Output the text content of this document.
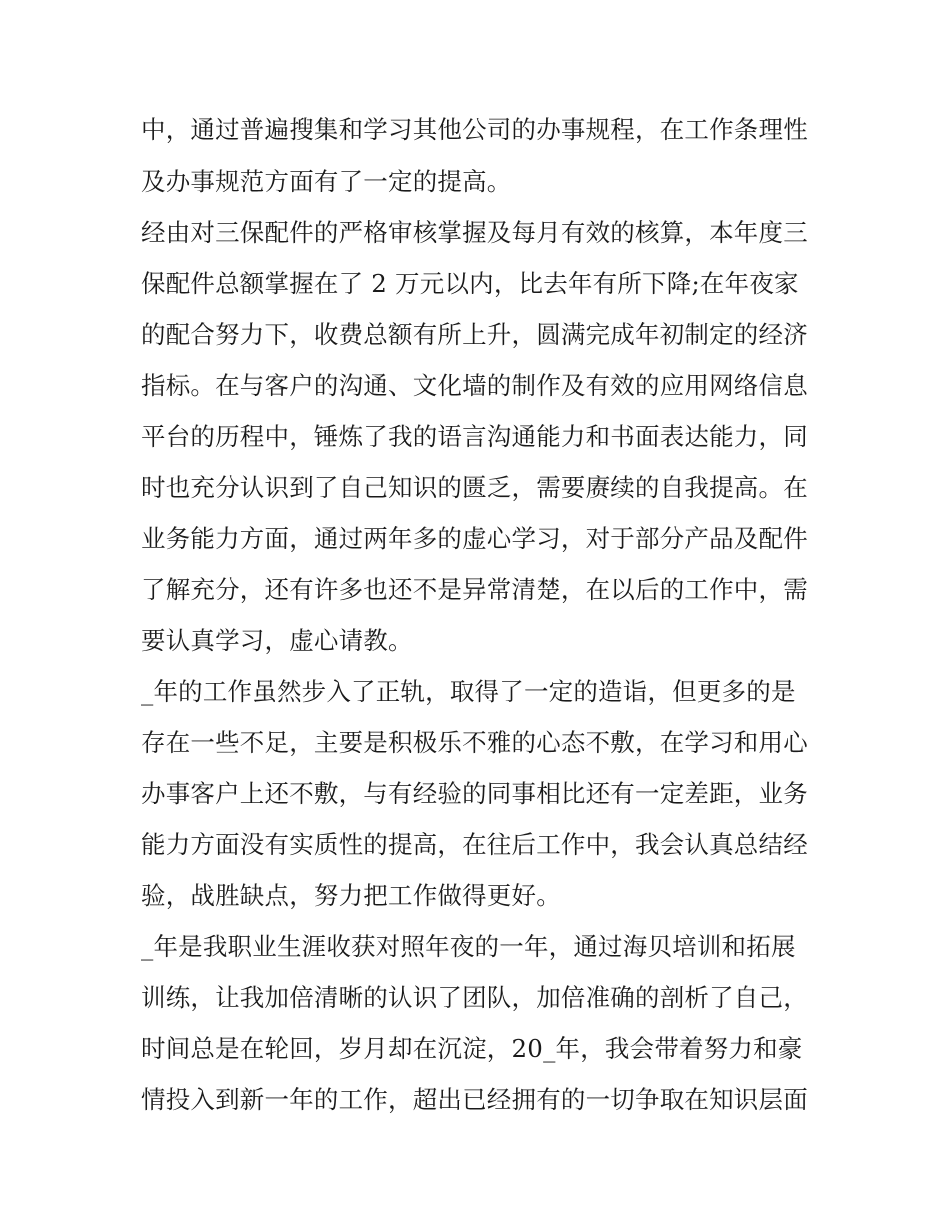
中，通过普遍搜集和学习其他公司的办事规程，在工作条理性
及办事规范方面有了一定的提高。
经由对三保配件的严格审核掌握及每月有效的核算，本年度三
保配件总额掌握在了 2 万元以内，比去年有所下降;在年夜家
的配合努力下，收费总额有所上升，圆满完成年初制定的经济
指标。在与客户的沟通、文化墙的制作及有效的应用网络信息
平台的历程中，锤炼了我的语言沟通能力和书面表达能力，同
时也充分认识到了自己知识的匮乏，需要赓续的自我提高。在
业务能力方面，通过两年多的虚心学习，对于部分产品及配件
了解充分，还有许多也还不是异常清楚，在以后的工作中，需
要认真学习，虚心请教。
_年的工作虽然步入了正轨，取得了一定的造诣，但更多的是
存在一些不足，主要是积极乐不雅的心态不敷，在学习和用心
办事客户上还不敷，与有经验的同事相比还有一定差距，业务
能力方面没有实质性的提高，在往后工作中，我会认真总结经
验，战胜缺点，努力把工作做得更好。
_年是我职业生涯收获对照年夜的一年，通过海贝培训和拓展
训练，让我加倍清晰的认识了团队，加倍准确的剖析了自己，
时间总是在轮回，岁月却在沉淀，20_年，我会带着努力和豪
情投入到新一年的工作，超出已经拥有的一切争取在知识层面
